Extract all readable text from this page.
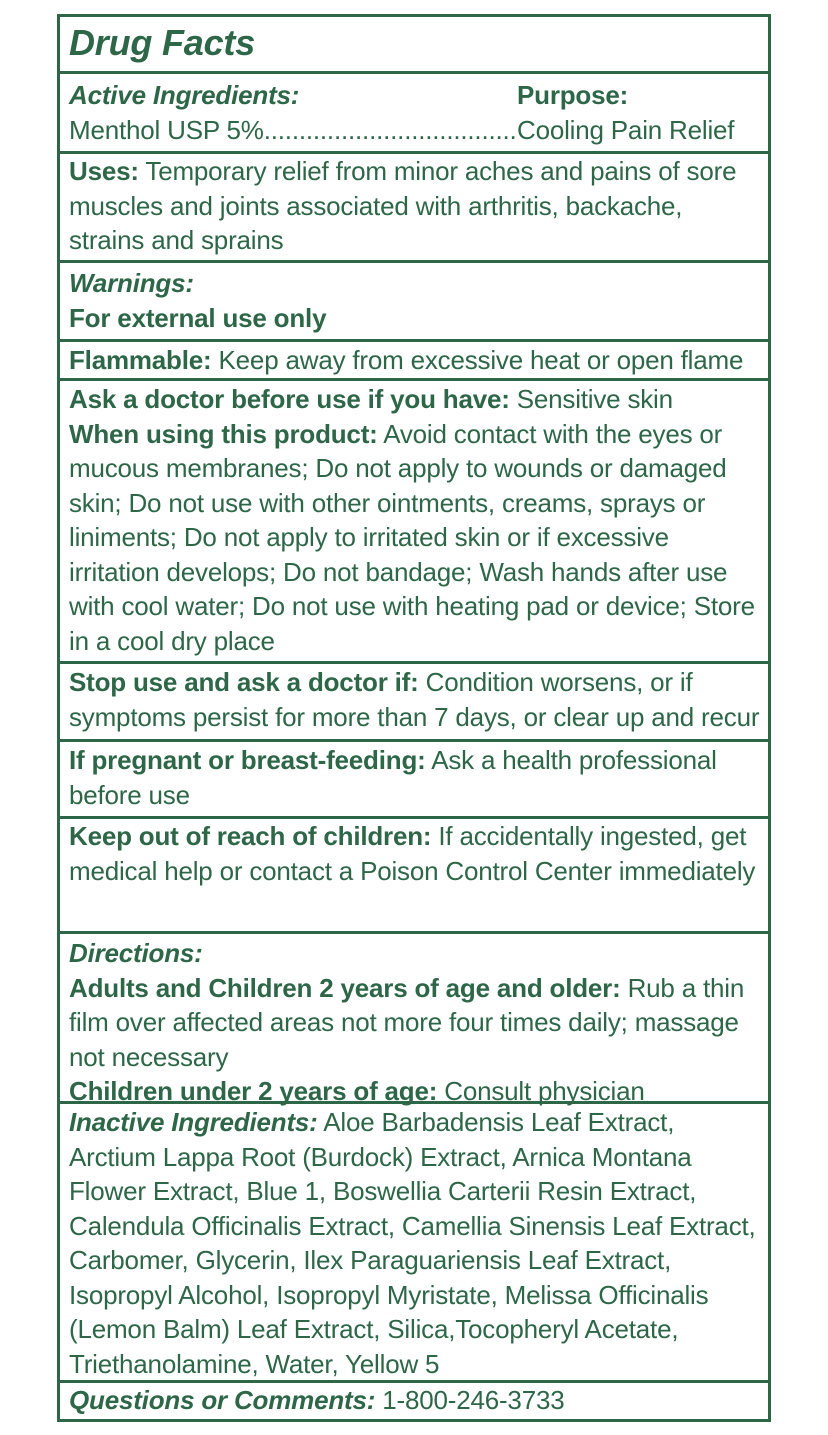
Drug Facts
Active Ingredients:	Purpose:
Menthol USP 5%.................................... Cooling Pain Relief
Uses: Temporary relief from minor aches and pains of sore muscles and joints associated with arthritis, backache, strains and sprains
Warnings:
For external use only
Flammable: Keep away from excessive heat or open flame
Ask a doctor before use if you have: Sensitive skin
When using this product: Avoid contact with the eyes or mucous membranes; Do not apply to wounds or damaged skin; Do not use with other ointments, creams, sprays or liniments; Do not apply to irritated skin or if excessive irritation develops; Do not bandage; Wash hands after use with cool water; Do not use with heating pad or device; Store in a cool dry place
Stop use and ask a doctor if: Condition worsens, or if symptoms persist for more than 7 days, or clear up and recur
If pregnant or breast-feeding: Ask a health professional before use
Keep out of reach of children: If accidentally ingested, get medical help or contact a Poison Control Center immediately
Directions:
Adults and Children 2 years of age and older: Rub a thin film over affected areas not more four times daily; massage not necessary
Children under 2 years of age: Consult physician
Inactive Ingredients: Aloe Barbadensis Leaf Extract, Arctium Lappa Root (Burdock) Extract, Arnica Montana Flower Extract, Blue 1, Boswellia Carterii Resin Extract, Calendula Officinalis Extract, Camellia Sinensis Leaf Extract, Carbomer, Glycerin, Ilex Paraguariensis Leaf Extract, Isopropyl Alcohol, Isopropyl Myristate, Melissa Officinalis (Lemon Balm) Leaf Extract, Silica,Tocopheryl Acetate, Triethanolamine, Water, Yellow 5
Questions or Comments: 1-800-246-3733
